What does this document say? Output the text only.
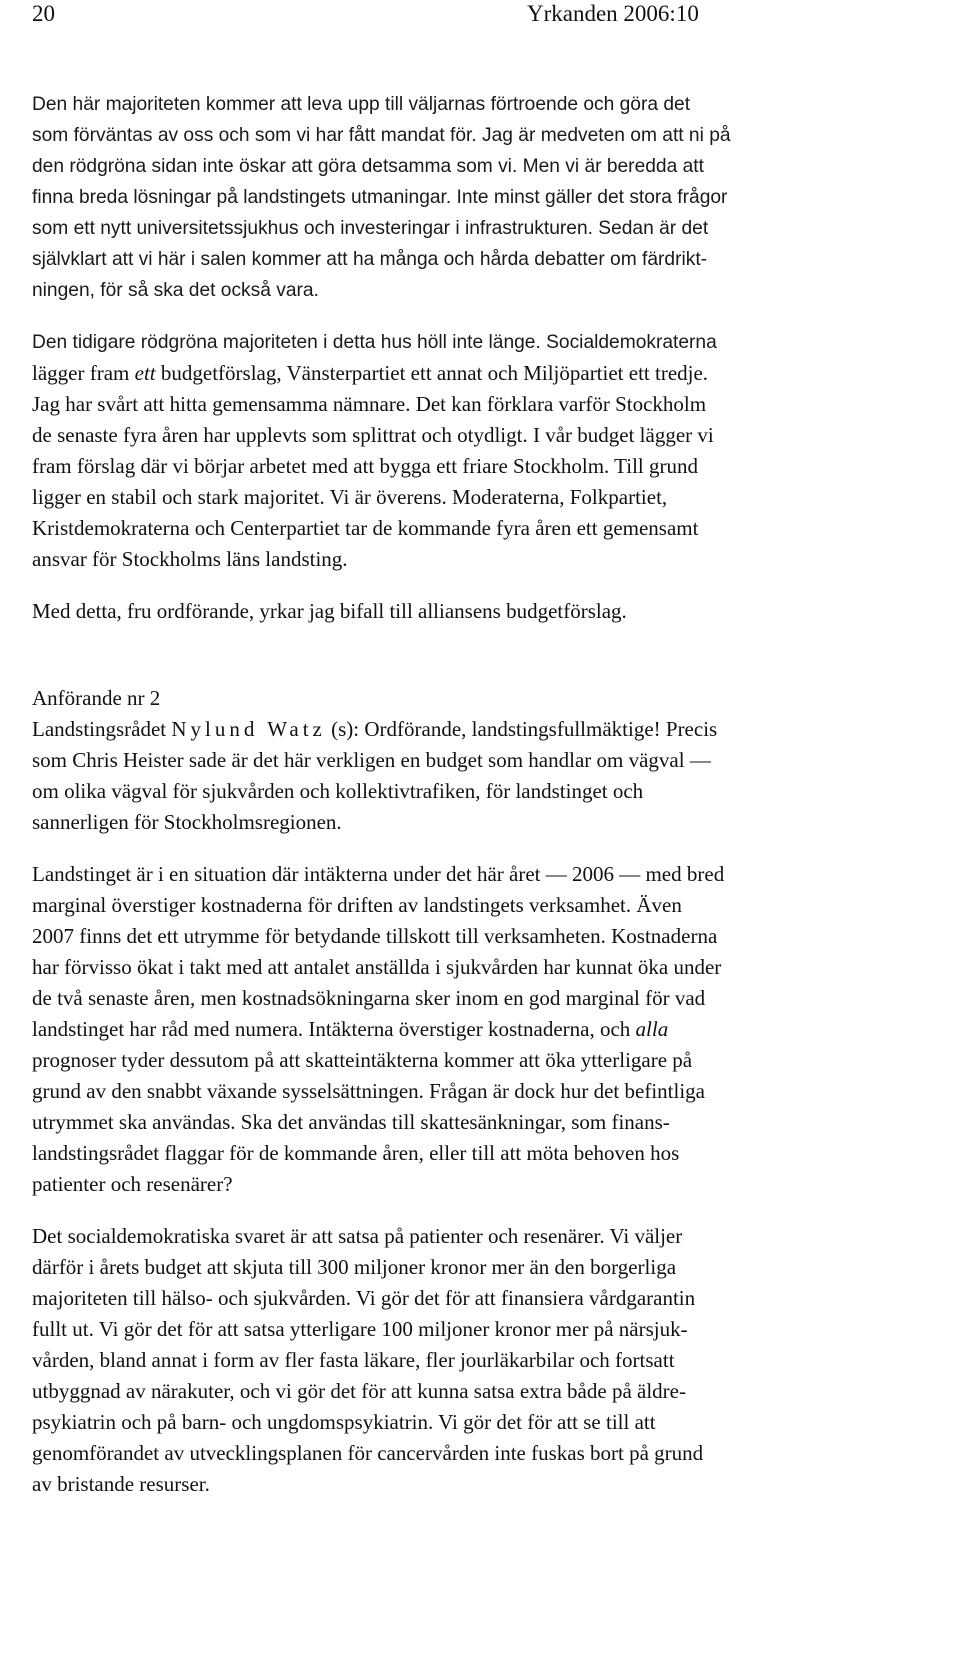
20	Yrkanden 2006:10
Den här majoriteten kommer att leva upp till väljarnas förtroende och göra det
som förväntas av oss och som vi har fått mandat för. Jag är medveten om att ni på
den rödgröna sidan inte öskar att göra detsamma som vi. Men vi är beredda att
finna breda lösningar på landstingets utmaningar. Inte minst gäller det stora frågor
som ett nytt universitetssjukhus och investeringar i infrastrukturen. Sedan är det
självklart att vi här i salen kommer att ha många och hårda debatter om färdrikt-
ningen, för så ska det också vara.
Den tidigare rödgröna majoriteten i detta hus höll inte länge. Socialdemokraterna
lägger fram ett budgetförslag, Vänsterpartiet ett annat och Miljöpartiet ett tredje.
Jag har svårt att hitta gemensamma nämnare. Det kan förklara varför Stockholm
de senaste fyra åren har upplevts som splittrat och otydligt. I vår budget lägger vi
fram förslag där vi börjar arbetet med att bygga ett friare Stockholm. Till grund
ligger en stabil och stark majoritet. Vi är överens. Moderaterna, Folkpartiet,
Kristdemokraterna och Centerpartiet tar de kommande fyra åren ett gemensamt
ansvar för Stockholms läns landsting.
Med detta, fru ordförande, yrkar jag bifall till alliansens budgetförslag.
Anförande nr 2
Landstingsrådet Nylund Watz (s): Ordförande, landstingsfullmäktige! Precis
som Chris Heister sade är det här verkligen en budget som handlar om vägval —
om olika vägval för sjukvården och kollektivtrafiken, för landstinget och
sannerligen för Stockholmsregionen.
Landstinget är i en situation där intäkterna under det här året — 2006 — med bred
marginal överstiger kostnaderna för driften av landstingets verksamhet. Även
2007 finns det ett utrymme för betydande tillskott till verksamheten. Kostnaderna
har förvisso ökat i takt med att antalet anställda i sjukvården har kunnat öka under
de två senaste åren, men kostnadsökningarna sker inom en god marginal för vad
landstinget har råd med numera. Intäkterna överstiger kostnaderna, och alla
prognoser tyder dessutom på att skatteintäkterna kommer att öka ytterligare på
grund av den snabbt växande sysselsättningen. Frågan är dock hur det befintliga
utrymmet ska användas. Ska det användas till skattesänkningar, som finans-
landstingsrådet flaggar för de kommande åren, eller till att möta behoven hos
patienter och resenärer?
Det socialdemokratiska svaret är att satsa på patienter och resenärer. Vi väljer
därför i årets budget att skjuta till 300 miljoner kronor mer än den borgerliga
majoriteten till hälso- och sjukvården. Vi gör det för att finansiera vårdgarantin
fullt ut. Vi gör det för att satsa ytterligare 100 miljoner kronor mer på närsjuk-
vården, bland annat i form av fler fasta läkare, fler jourläkarbilar och fortsatt
utbyggnad av närakuter, och vi gör det för att kunna satsa extra både på äldre-
psykiatrin och på barn- och ungdomspsykiatrin. Vi gör det för att se till att
genomförandet av utvecklingsplanen för cancervården inte fuskas bort på grund
av bristande resurser.
